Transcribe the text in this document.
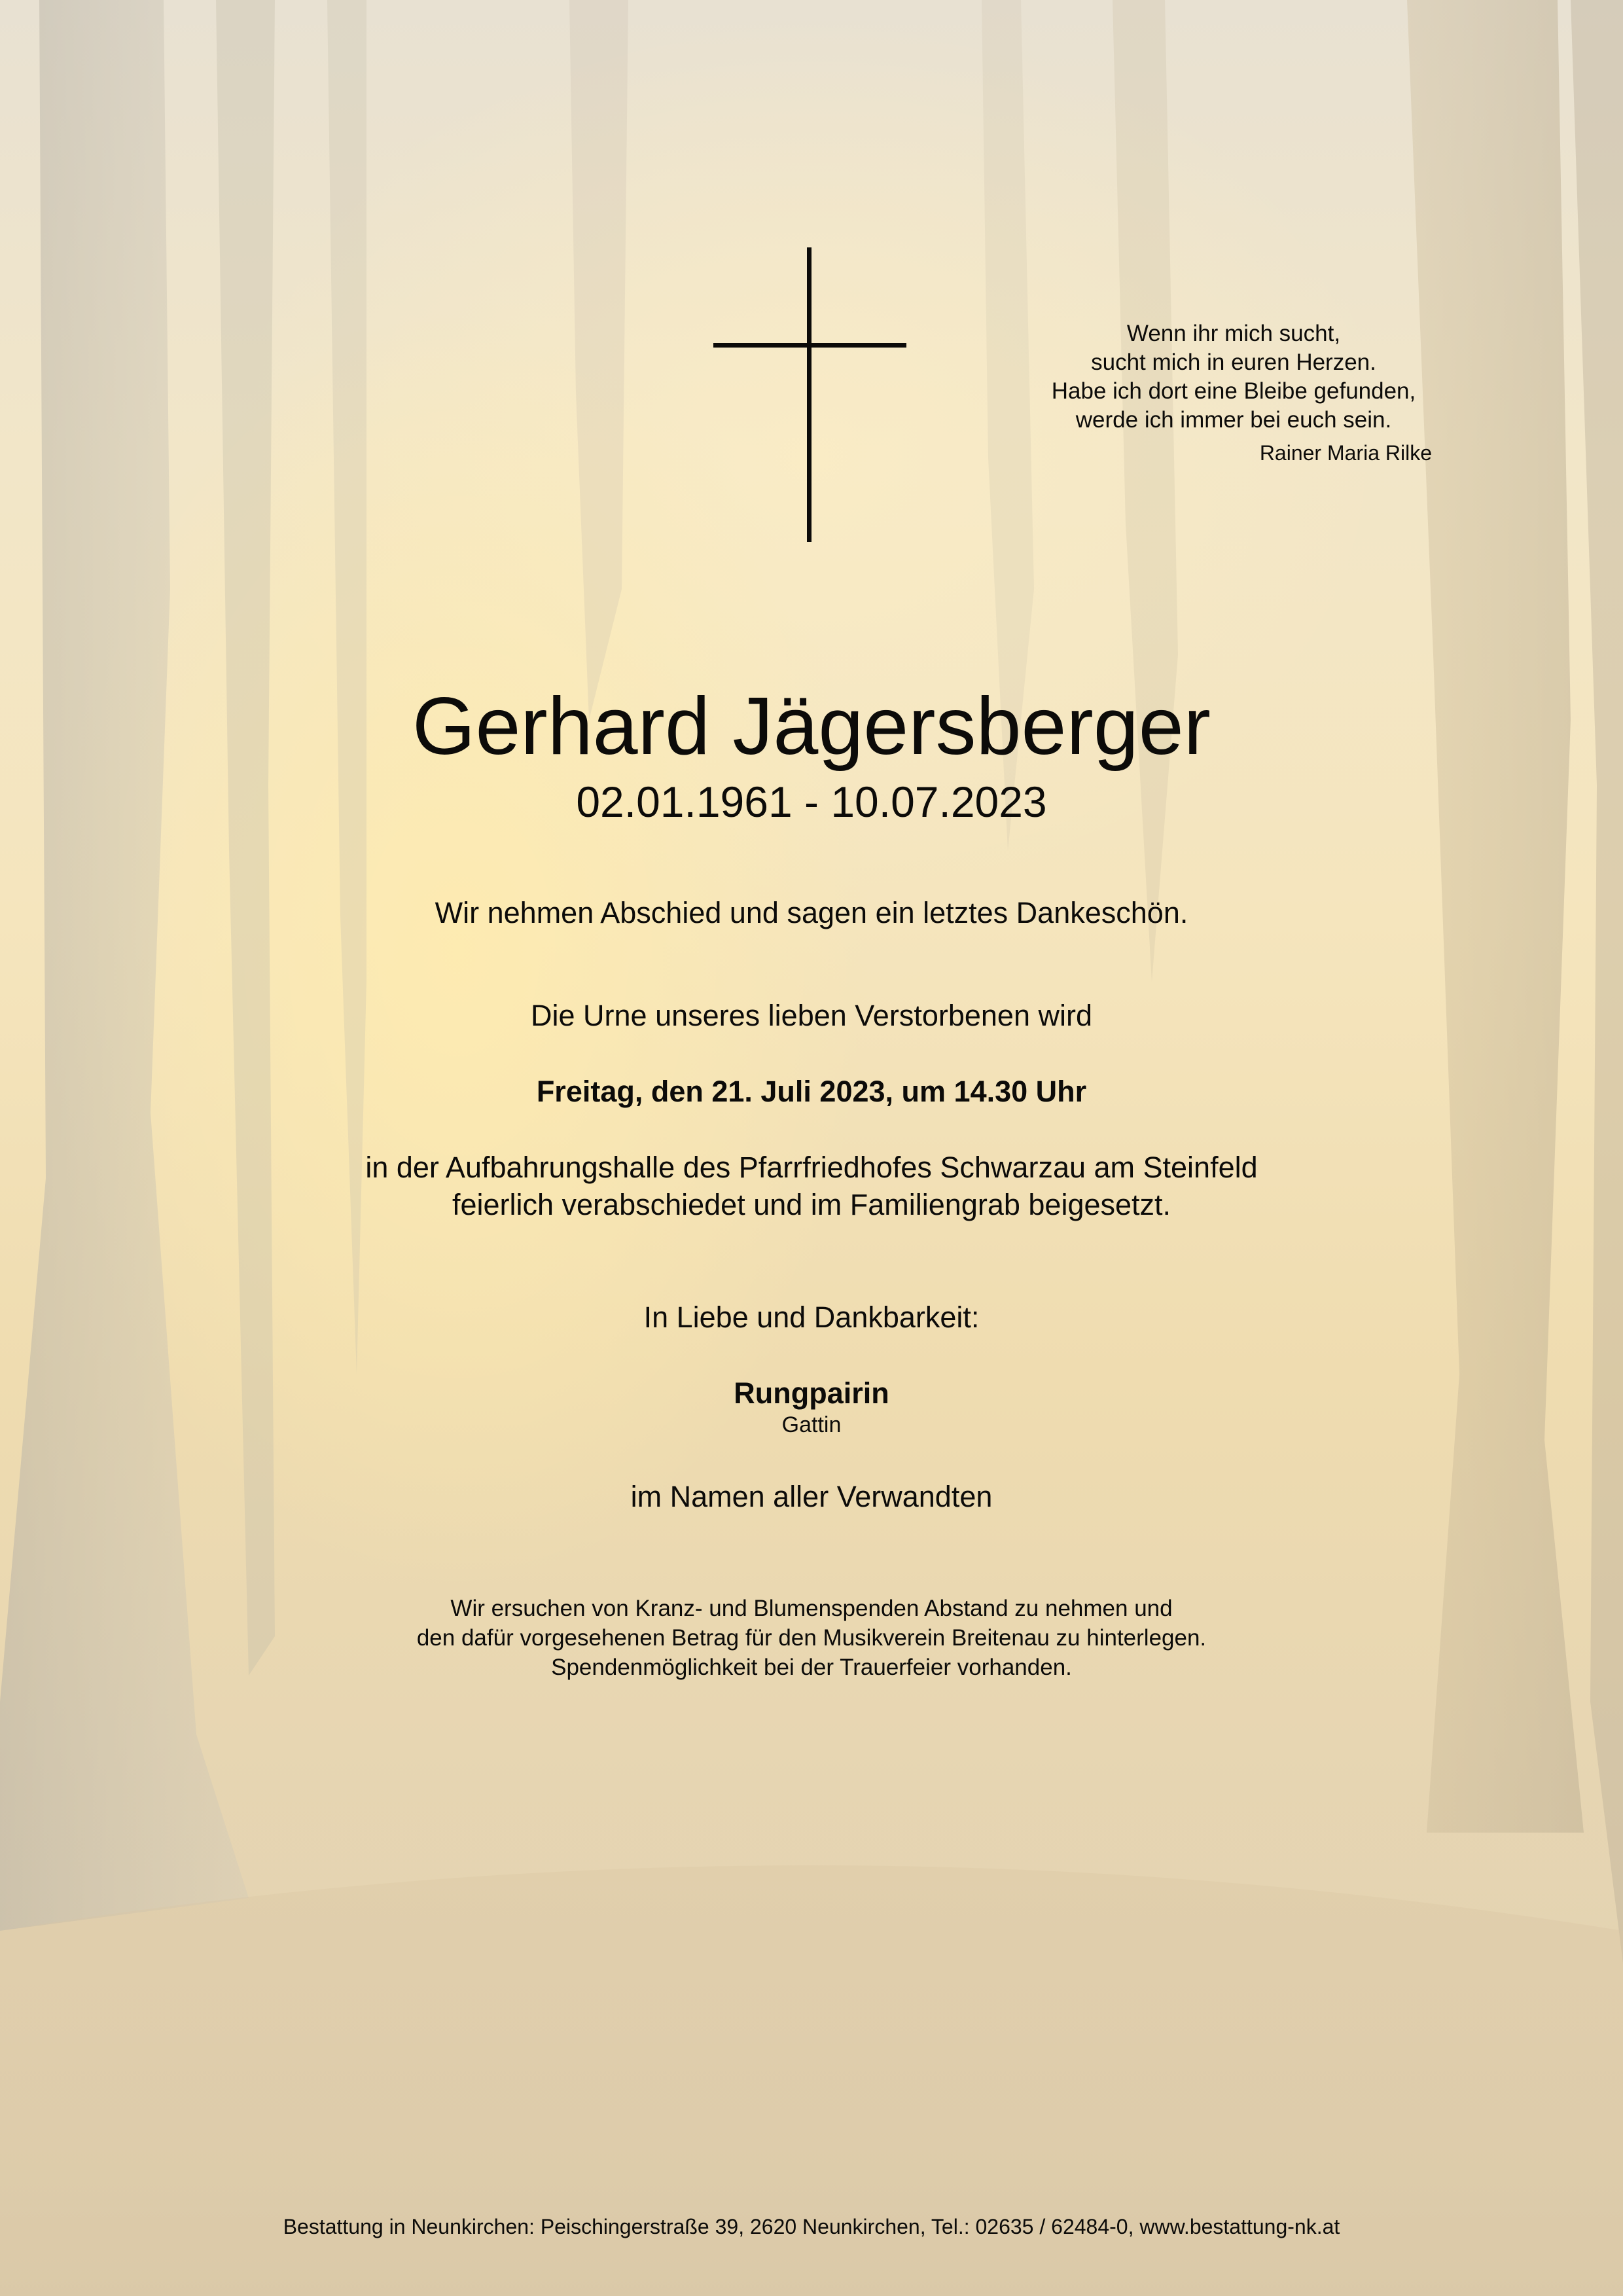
Wenn ihr mich sucht,
sucht mich in euren Herzen.
Habe ich dort eine Bleibe gefunden,
werde ich immer bei euch sein.
Rainer Maria Rilke
Gerhard Jägersberger
02.01.1961 - 10.07.2023
Wir nehmen Abschied und sagen ein letztes Dankeschön.
Die Urne unseres lieben Verstorbenen wird
Freitag, den 21. Juli 2023, um 14.30 Uhr
in der Aufbahrungshalle des Pfarrfriedhofes Schwarzau am Steinfeld
feierlich verabschiedet und im Familiengrab beigesetzt.
In Liebe und Dankbarkeit:
Rungpairin
Gattin
im Namen aller Verwandten
Wir ersuchen von Kranz- und Blumenspenden Abstand zu nehmen und
den dafür vorgesehenen Betrag für den Musikverein Breitenau zu hinterlegen.
Spendenmöglichkeit bei der Trauerfeier vorhanden.
Bestattung in Neunkirchen: Peischingerstraße 39, 2620 Neunkirchen, Tel.: 02635 / 62484-0, www.bestattung-nk.at
